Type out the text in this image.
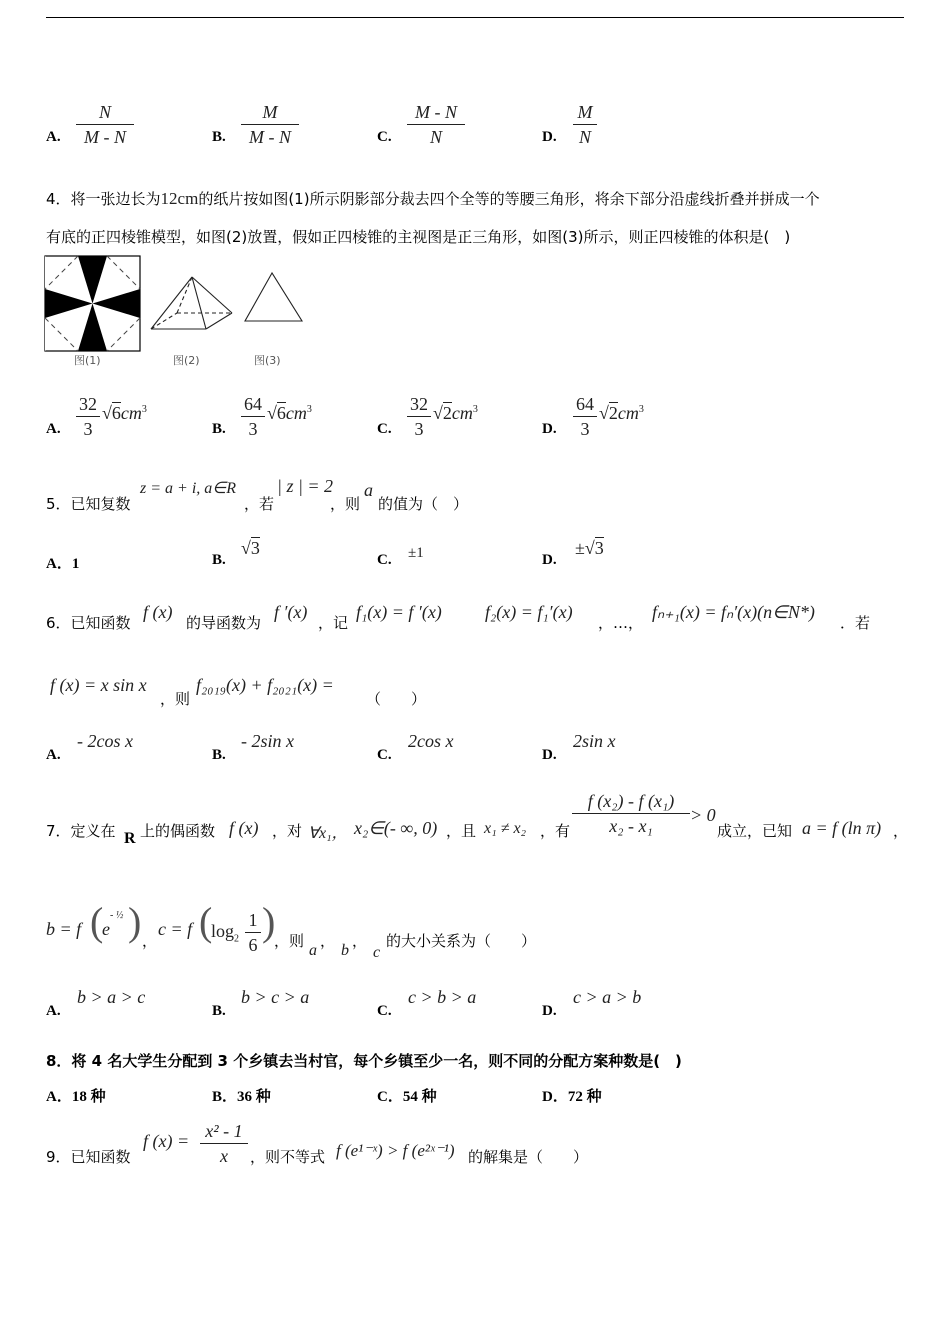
A.
N
M - N	B.
M
M - N	C.
M - N
N	D.
M
N
4．将一张边长为12cm的纸片按如图(1)所示阴影部分裁去四个全等的等腰三角形，将余下部分沿虚线折叠并拼成一个
有底的正四棱锥模型，如图(2)放置，假如正四棱锥的主视图是正三角形，如图(3)所示，则正四棱锥的体积是(　)
图(1)	图(2)	图(3)
A.
32
3
$√6cm^3$
B.
64
3
$√6cm^3$
C.
32
3
$√2cm^3$
D.
64
3
$√2cm^3$
5．已知复数
z = a + i, a∈R
，若
| z | = 2
，则
a
的值为（　）
A．1	B.
√3
C. ±1	D.
±√3
6．已知函数
f (x)
的导函数为
f ′(x)
，记
f₁(x) = f ′(x) f₂(x) = f₁′(x)
，…，
fₙ₊₁(x) = fₙ′(x)(n∈N*)
．若
f (x) = x sin x
，则
f₂₀₁₉(x) + f₂₀₂₁(x) =
（　　）
A.
- 2cos x
B.
- 2sin x
C.
2cos x
D.
2sin x
7．定义在 R 上的偶函数 f (x) ，对 ∀x₁， x₂∈(- ∞, 0) ，且 x₁ ≠ x₂ ，有
f (x₂) - f (x₁)
x₂ - x₁
> 0
成立，已知 a = f (ln π) ，
b = f (
$e^{- \frac{1}{2}}$ ) ，
c = f (
$\log_2$
1
6
)
，则
a
，
b
，
c
的大小关系为（　　）
A.
b > a > c
B.
b > c > a
C.
c > b > a
D.
c > a > b
8．将 4 名大学生分配到 3 个乡镇去当村官，每个乡镇至少一名，则不同的分配方案种数是(　)
A．18 种	B．36 种	C．54 种	D．72 种
9．已知函数
f (x) = x² - 1
x	，则不等式 f (e¹⁻ˣ) > f (e²ˣ⁻¹) 的解集是（　　）
